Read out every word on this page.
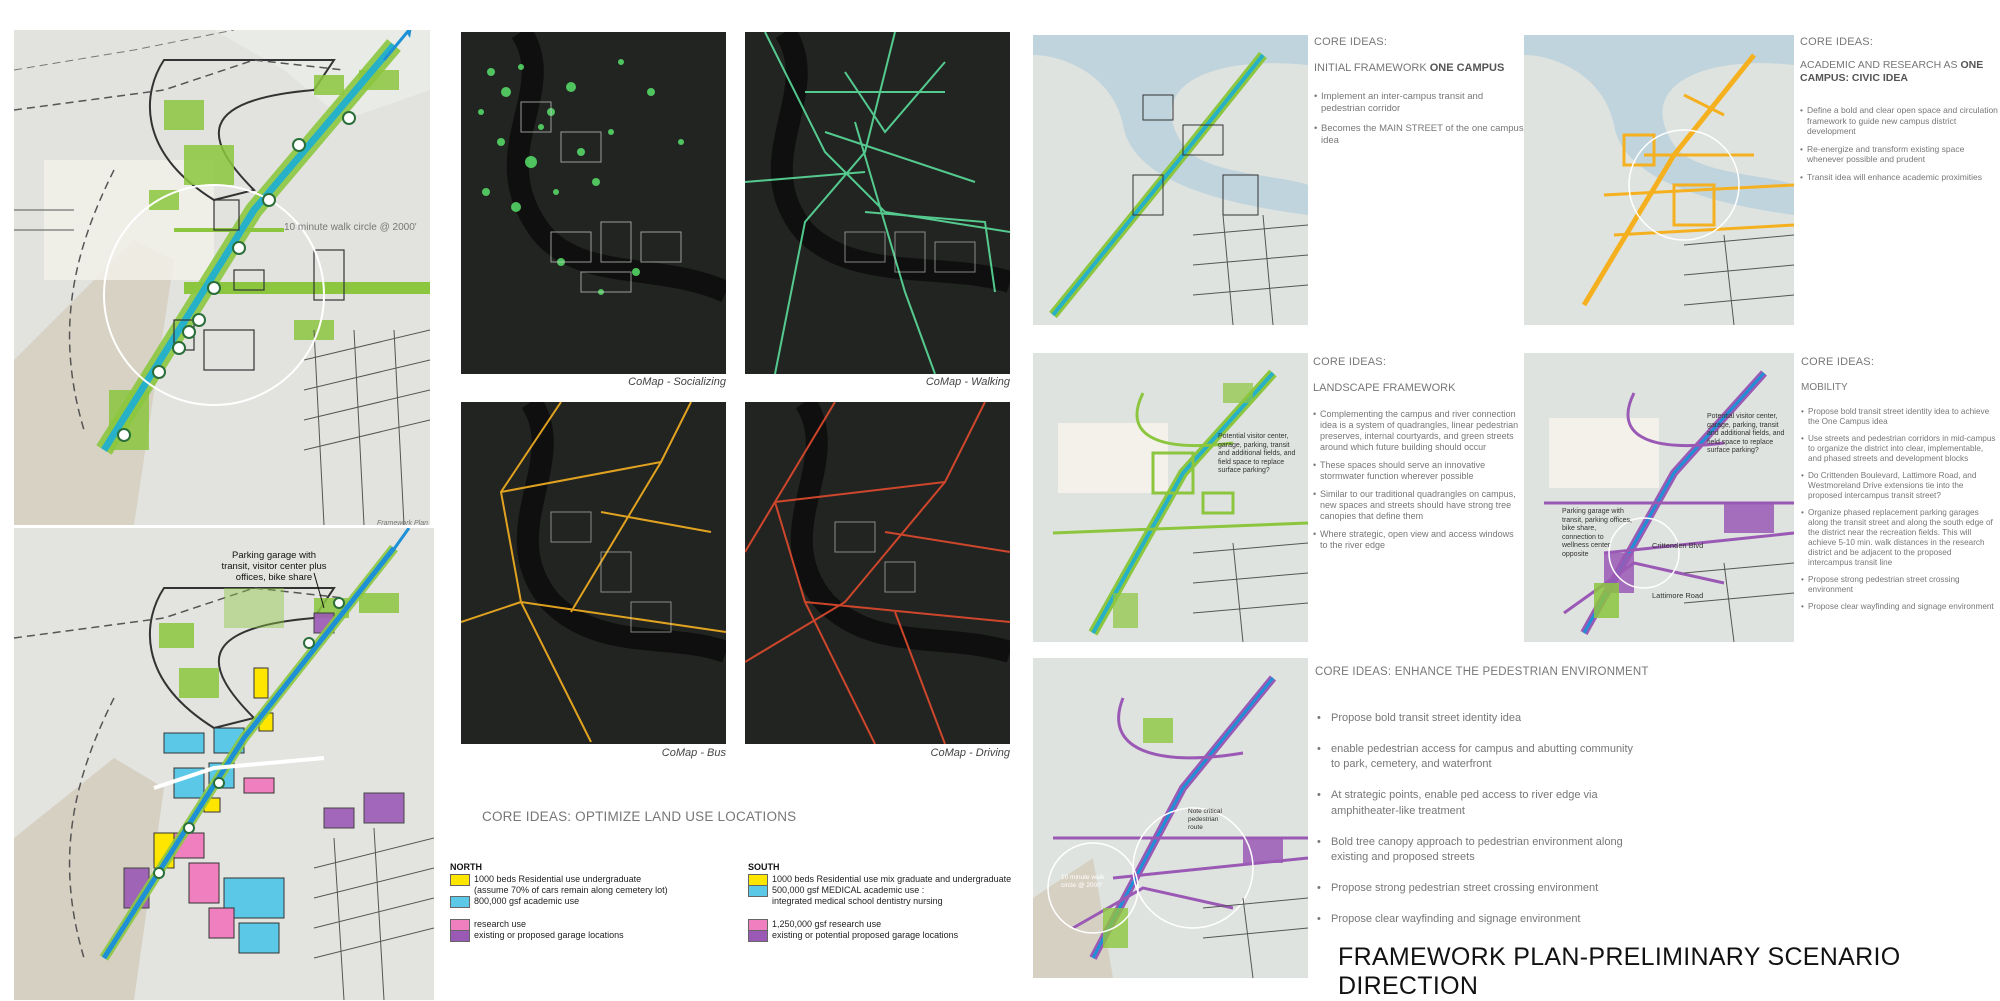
10 minute walk circle @ 2000'
Framework Plan
Parking garage with
transit, visitor center plus
offices, bike share
CoMap - Socializing	CoMap - Walking
CoMap - Bus	CoMap - Driving
CORE IDEAS: OPTIMIZE LAND USE LOCATIONS
NORTH
1000 beds Residential use undergraduate
(assume 70% of cars remain along cemetery lot)
800,000 gsf academic use
research use
existing or proposed garage locations
SOUTH
1000 beds Residential use mix graduate and undergraduate
500,000 gsf MEDICAL academic use :
integrated medical school dentistry nursing
1,250,000 gsf research use
existing or potential proposed garage locations
CORE IDEAS:
INITIAL FRAMEWORK ONE CAMPUS
• Implement an inter-campus transit and pedestrian corridor
• Becomes the MAIN STREET of the one campus idea
CORE IDEAS:
ACADEMIC AND RESEARCH AS ONE CAMPUS: CIVIC IDEA
• Define a bold and clear open space and circulation framework to guide new campus district development
• Re-energize and transform existing space whenever possible and prudent
• Transit idea will enhance academic proximities
Potential visitor center, garage, parking, transit and additional fields, and field space to replace surface parking?
CORE IDEAS:
LANDSCAPE FRAMEWORK
• Complementing the campus and river connection idea is a system of quadrangles, linear pedestrian preserves, internal courtyards, and green streets around which future building should occur
• These spaces should serve an innovative stormwater function wherever possible
• Similar to our traditional quadrangles on campus, new spaces and streets should have strong tree canopies that define them
• Where strategic, open view and access windows to the river edge
Potential visitor center, garage, parking, transit and additional fields, and field space to replace surface parking?
Parking garage with transit, parking offices, bike share, connection to wellness center opposite
Crittenden Blvd
Lattimore Road
CORE IDEAS:
MOBILITY
• Propose bold transit street identity idea to achieve the One Campus idea
• Use streets and pedestrian corridors in mid-campus to organize the district into clear, implementable, and phased streets and development blocks
• Do Crittenden Boulevard, Lattimore Road, and Westmoreland Drive extensions tie into the proposed intercampus transit street?
• Organize phased replacement parking garages along the transit street and along the south edge of the district near the recreation fields. This will achieve 5-10 min. walk distances in the research district and be adjacent to the proposed intercampus transit line
• Propose strong pedestrian street crossing environment
• Propose clear wayfinding and signage environment
Note critical pedestrian route
10 minute walk circle @ 2000'
CORE IDEAS: ENHANCE THE PEDESTRIAN ENVIRONMENT

• Propose bold transit street identity idea

• enable pedestrian access for campus and abutting community
to park, cemetery, and waterfront

• At strategic points, enable ped access to river edge via
amphitheater-like treatment

• Bold tree canopy approach to pedestrian environment along
existing and proposed streets

• Propose strong pedestrian street crossing environment

• Propose clear wayfinding and signage environment

FRAMEWORK PLAN-PRELIMINARY SCENARIO DIRECTION
